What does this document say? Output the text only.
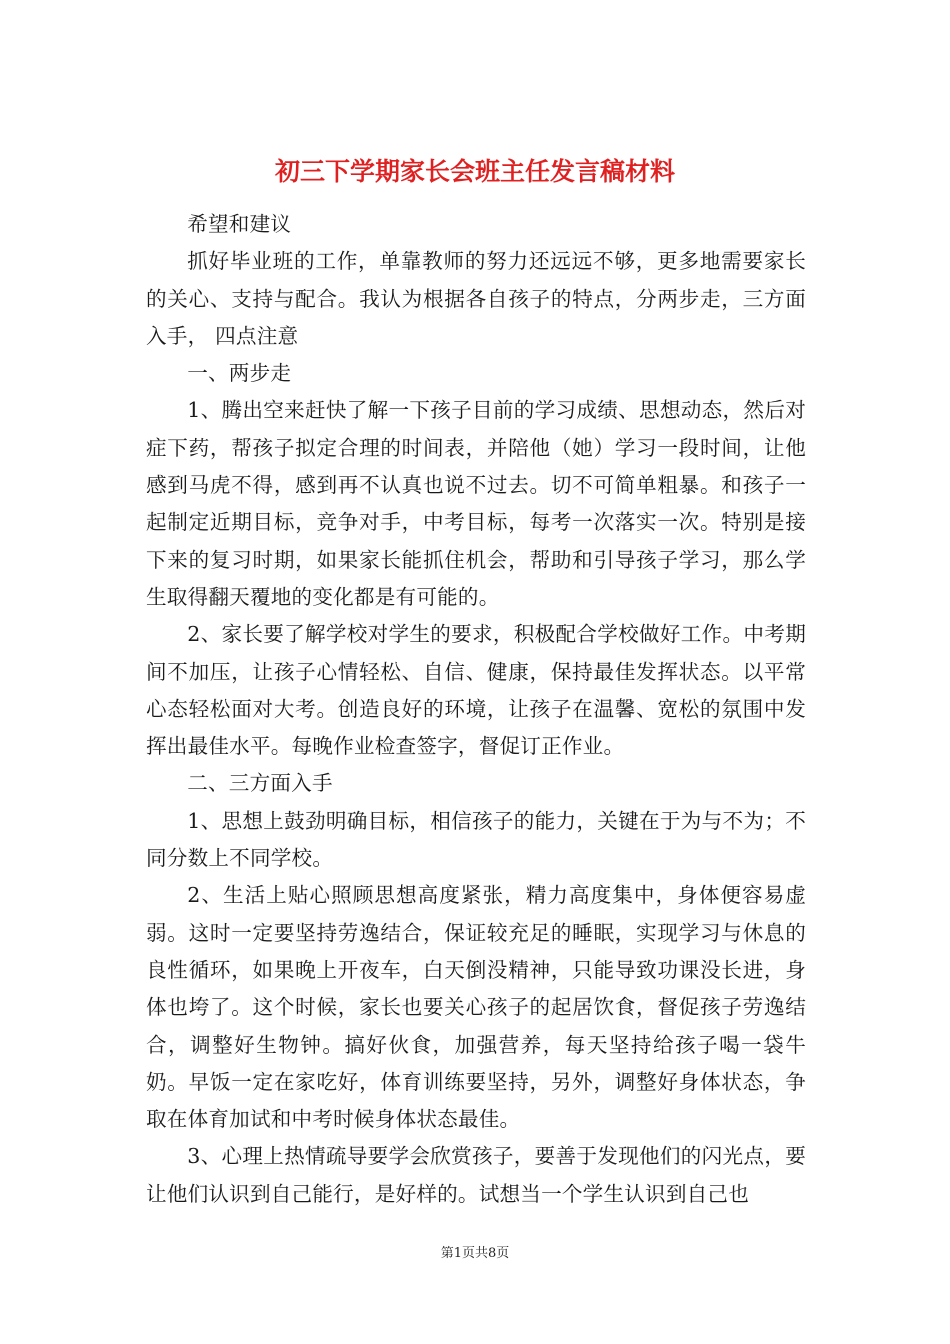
初三下学期家长会班主任发言稿材料

希望和建议

抓好毕业班的工作，单靠教师的努力还远远不够，更多地需要家长的关心、支持与配合。我认为根据各自孩子的特点，分两步走，三方面入手， 四点注意

一、两步走

1、腾出空来赶快了解一下孩子目前的学习成绩、思想动态，然后对症下药，帮孩子拟定合理的时间表，并陪他（她）学习一段时间，让他感到马虎不得，感到再不认真也说不过去。切不可简单粗暴。和孩子一起制定近期目标，竞争对手，中考目标，每考一次落实一次。特别是接下来的复习时期，如果家长能抓住机会，帮助和引导孩子学习，那么学生取得翻天覆地的变化都是有可能的。

2、家长要了解学校对学生的要求，积极配合学校做好工作。中考期间不加压，让孩子心情轻松、自信、健康，保持最佳发挥状态。以平常心态轻松面对大考。创造良好的环境，让孩子在温馨、宽松的氛围中发挥出最佳水平。每晚作业检查签字，督促订正作业。

二、三方面入手

1、思想上鼓劲明确目标，相信孩子的能力，关键在于为与不为；不同分数上不同学校。

2、生活上贴心照顾思想高度紧张，精力高度集中，身体便容易虚弱。这时一定要坚持劳逸结合，保证较充足的睡眠，实现学习与休息的良性循环，如果晚上开夜车，白天倒没精神，只能导致功课没长进，身体也垮了。这个时候，家长也要关心孩子的起居饮食，督促孩子劳逸结合，调整好生物钟。搞好伙食，加强营养，每天坚持给孩子喝一袋牛奶。早饭一定在家吃好，体育训练要坚持，另外，调整好身体状态，争取在体育加试和中考时候身体状态最佳。

3、心理上热情疏导要学会欣赏孩子，要善于发现他们的闪光点，要让他们认识到自己能行，是好样的。试想当一个学生认识到自己也

第1页共8页
